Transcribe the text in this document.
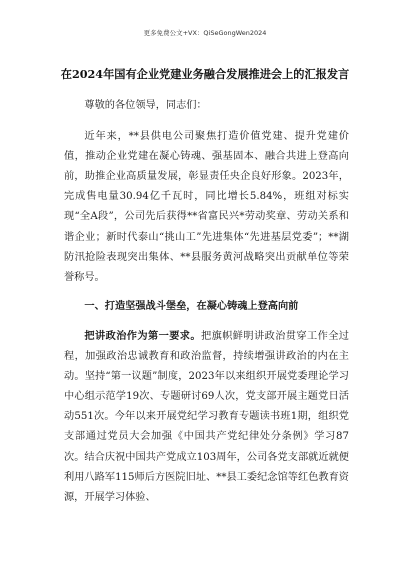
更多免费公文+VX：QiSeGongWen2024
在2024年国有企业党建业务融合发展推进会上的汇报发言

尊敬的各位领导，同志们：

近年来，**县供电公司聚焦打造价值党建、提升党建价值，推动企业党建在凝心铸魂、强基固本、融合共进上登高向前，助推企业高质量发展，彰显责任央企良好形象。2023年，完成售电量30.94亿千瓦时，同比增长5.84%，班组对标实现“全A段”，公司先后获得**省富民兴*劳动奖章、劳动关系和谐企业；新时代泰山“挑山工”先进集体“先进基层党委”；**湖防汛抢险表现突出集体、**县服务黄河战略突出贡献单位等荣誉称号。

一、打造坚强战斗堡垒，在凝心铸魂上登高向前

把讲政治作为第一要求。把旗帜鲜明讲政治贯穿工作全过程，加强政治忠诚教育和政治监督，持续增强讲政治的内在主动。坚持“第一议题”制度，2023年以来组织开展党委理论学习中心组示范学19次、专题研讨69人次，党支部开展主题党日活动551次。今年以来开展党纪学习教育专题读书班1期，组织党支部通过党员大会加强《中国共产党纪律处分条例》学习87次。结合庆祝中国共产党成立103周年，公司各党支部就近就便利用八路军115师后方医院旧址、**县工委纪念馆等红色教育资源，开展学习体验、
